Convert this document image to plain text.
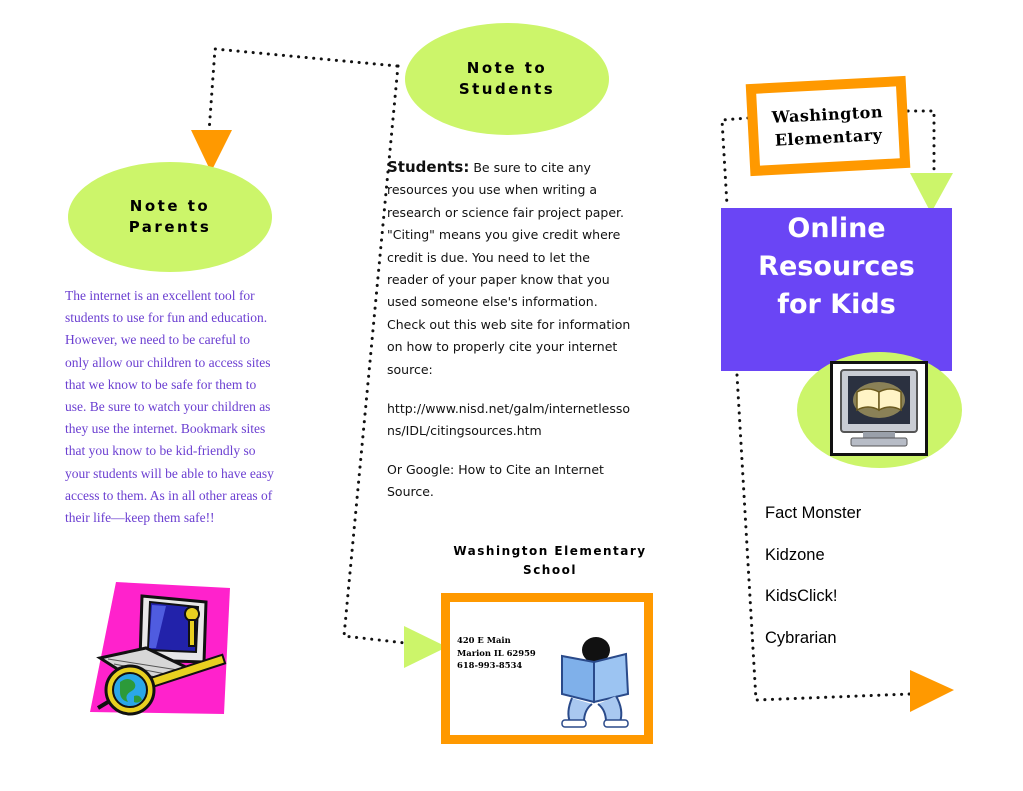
Note to Parents
The internet is an excellent tool for students to use for fun and education. However, we need to be careful to only allow our children to access sites that we know to be safe for them to use. Be sure to watch your children as they use the internet. Bookmark sites that you know to be kid-friendly so your students will be able to have easy access to them. As in all other areas of their life—keep them safe!!
Note to Students
Students: Be sure to cite any resources you use when writing a research or science fair project paper. "Citing" means you give credit where credit is due. You need to let the reader of your paper know that you used someone else's information. Check out this web site for information on how to properly cite your internet source:
http://www.nisd.net/galm/internetlessons/IDL/citingsources.htm
Or Google: How to Cite an Internet Source.
Washington Elementary School
420 E Main
Marion IL 62959
618-993-8534
Washington Elementary
Online Resources for Kids
Fact Monster
Kidzone
KidsClick!
Cybrarian
